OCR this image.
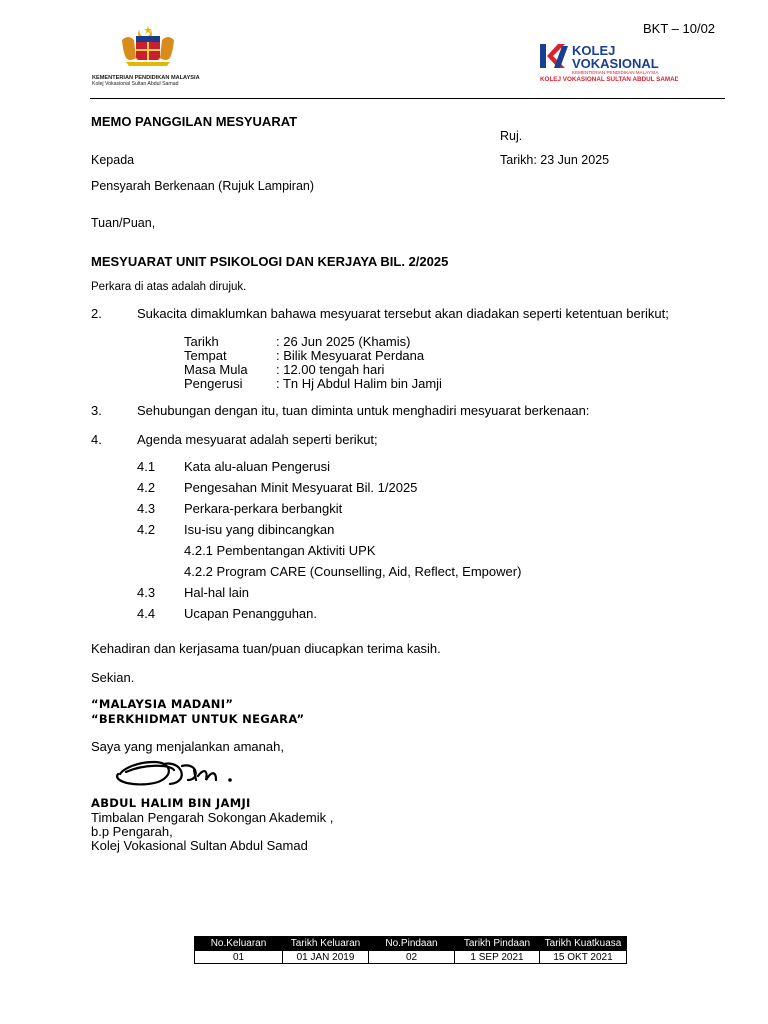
BKT – 10/02
KEMENTERIAN PENDIDIKAN MALAYSIA
Kolej Vokasional Sultan Abdul Samad
KOLEJ
VOKASIONAL
KEMENTERIAN PENDIDIKAN MALAYSIA
KOLEJ VOKASIONAL SULTAN ABDUL SAMAD
MEMO PANGGILAN MESYUARAT
Ruj.
Kepada	Tarikh: 23 Jun 2025
Pensyarah Berkenaan (Rujuk Lampiran)
Tuan/Puan,
MESYUARAT UNIT PSIKOLOGI DAN KERJAYA BIL. 2/2025
Perkara di atas adalah dirujuk.
2.	Sukacita dimaklumkan bahawa mesyuarat tersebut akan diadakan seperti ketentuan berikut;
Tarikh	: 26 Jun 2025 (Khamis)
Tempat	: Bilik Mesyuarat Perdana
Masa Mula	: 12.00 tengah hari
Pengerusi	: Tn Hj Abdul Halim bin Jamji
3.	Sehubungan dengan itu, tuan diminta untuk menghadiri mesyuarat berkenaan:
4.	Agenda mesyuarat adalah seperti berikut;
4.1 Kata alu-aluan Pengerusi
4.2 Pengesahan Minit Mesyuarat Bil. 1/2025
4.3 Perkara-perkara berbangkit
4.2 Isu-isu yang dibincangkan
4.2.1 Pembentangan Aktiviti UPK
4.2.2 Program CARE (Counselling, Aid, Reflect, Empower)
4.3 Hal-hal lain
4.4 Ucapan Penangguhan.
Kehadiran dan kerjasama tuan/puan diucapkan terima kasih.
Sekian.
“MALAYSIA MADANI”
“BERKHIDMAT UNTUK NEGARA”
Saya yang menjalankan amanah,
ABDUL HALIM BIN JAMJI
Timbalan Pengarah Sokongan Akademik ,
b.p Pengarah,
Kolej Vokasional Sultan Abdul Samad
No.Keluaran	Tarikh Keluaran	No.Pindaan	Tarikh Pindaan	Tarikh Kuatkuasa
01	01 JAN 2019	02	1 SEP 2021	15 OKT 2021
